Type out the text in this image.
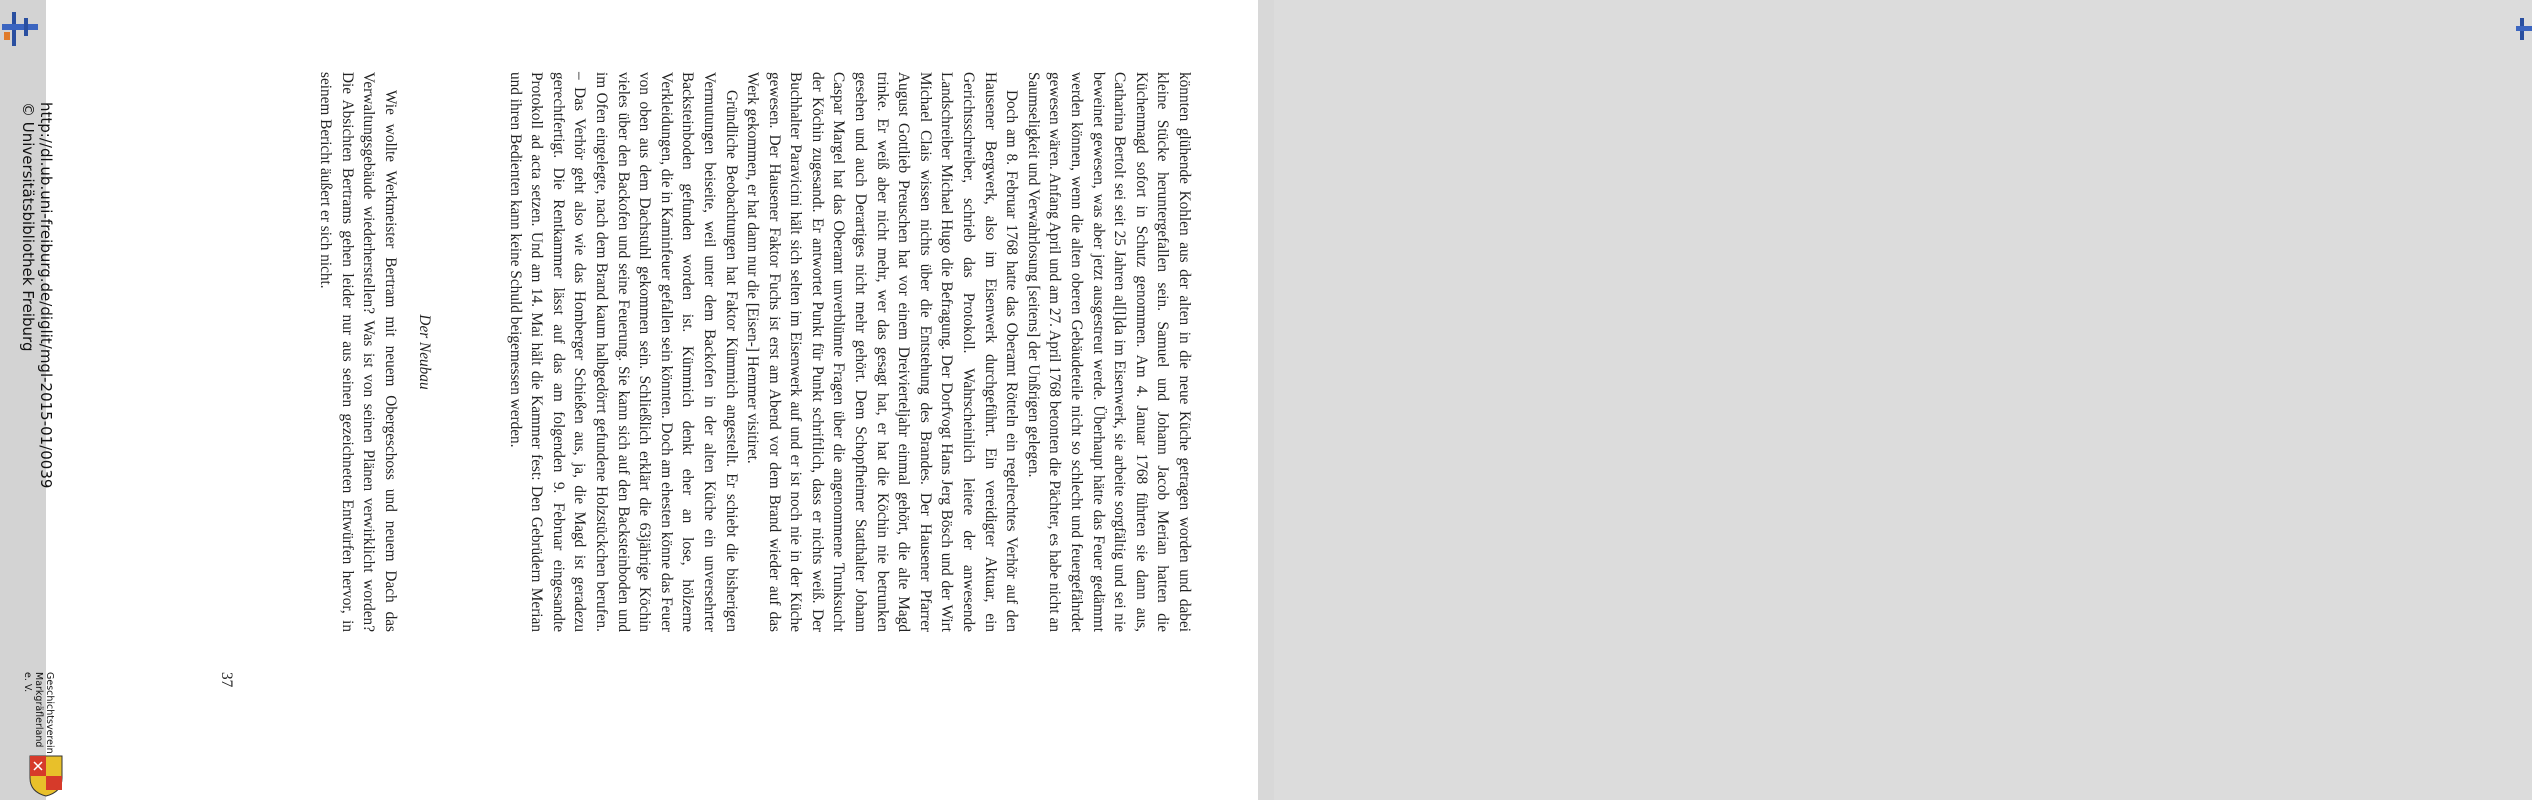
könnten glühende Kohlen aus der alten in die neue Küche getragen worden und dabei kleine Stücke heruntergefallen sein. Samuel und Johann Jacob Merian hatten die Küchenmagd sofort in Schutz genommen. Am 4. Januar 1768 führten sie dann aus, Catharina Bertolt sei seit 25 Jahren al[l]da im Eisenwerk, sie arbeite sorgfältig und sei nie beweinet gewesen, was aber jetzt ausgestreut werde. Überhaupt hätte das Feuer gedämmt werden können, wenn die alten oberen Gebäudeteile nicht so schlecht und feuergefährdet gewesen wären. Anfang April und am 27. April 1768 betonten die Pächter, es habe nicht an Saumseligkeit und Verwahrlosung [seitens] der Unßrigen gelegen.

Doch am 8. Februar 1768 hatte das Oberamt Rötteln ein regelrechtes Verhör auf den Hausener Bergwerk, also im Eisenwerk durchgeführt. Ein vereidigter Aktuar, ein Gerichtsschreiber, schrieb das Protokoll. Wahrscheinlich leitete der anwesende Landschreiber Michael Hugo die Befragung. Der Dorfvogt Hans Jerg Bösch und der Wirt Michael Clais wissen nichts über die Entstehung des Brandes. Der Hausener Pfarrer August Gottlieb Preuschen hat vor einem Dreivierteljahr einmal gehört, die alte Magd trinke. Er weiß aber nicht mehr, wer das gesagt hat, er hat die Köchin nie betrunken gesehen und auch Derartiges nicht mehr gehört. Dem Schopfheimer Statthalter Johann Caspar Margel hat das Oberamt unverblümte Fragen über die angenommene Trunksucht der Köchin zugesandt. Er antwortet Punkt für Punkt schriftlich, dass er nichts weiß. Der Buchhalter Paravicini hält sich selten im Eisenwerk auf und er ist noch nie in der Küche gewesen. Der Hausener Faktor Fuchs ist erst am Abend vor dem Brand wieder auf das Werk gekommen, er hat dann nur die [Eisen-] Hemmer visitiret.

Gründliche Beobachtungen hat Faktor Kümmich angestellt. Er schiebt die bisherigen Vermutungen beiseite, weil unter dem Backofen in der alten Küche ein unversehrter Backsteinboden gefunden worden ist. Kümmich denkt eher an lose, hölzerne Verkleidungen, die in Kaminfeuer gefallen sein könnten. Doch am ehesten könne das Feuer von oben aus dem Dachstuhl gekommen sein. Schließlich erklärt die 63jährige Köchin vieles über den Backofen und seine Feuerung. Sie kann sich auf den Backsteinboden und im Ofen eingelegte, nach dem Brand kaum halbgedörrt gefundene Holzstückchen berufen. – Das Verhör geht also wie das Homberger Schießen aus, ja, die Magd ist geradezu gerechtfertigt. Die Rentkammer lässt auf das am folgenden 9. Februar eingesandte Protokoll ad acta setzen. Und am 14. Mai hält die Kammer fest: Den Gebrüdern Merian und ihren Bedienten kann keine Schuld beigemessen werden.

Der Neubau

Wie wollte Werkmeister Bertram mit neuem Obergeschoss und neuem Dach das Verwaltungsgebäude wiederherstellen? Was ist von seinen Plänen verwirklicht worden? Die Absichten Bertrams gehen leider nur aus seinen gezeichneten Entwürfen hervor, in seinem Bericht äußert er sich nicht.

37
http://dl.ub.uni-freiburg.de/diglit/mgl-2015-01/0039
© Universitätsbibliothek Freiburg
Geschichtsverein
Markgräflerland e. V.
